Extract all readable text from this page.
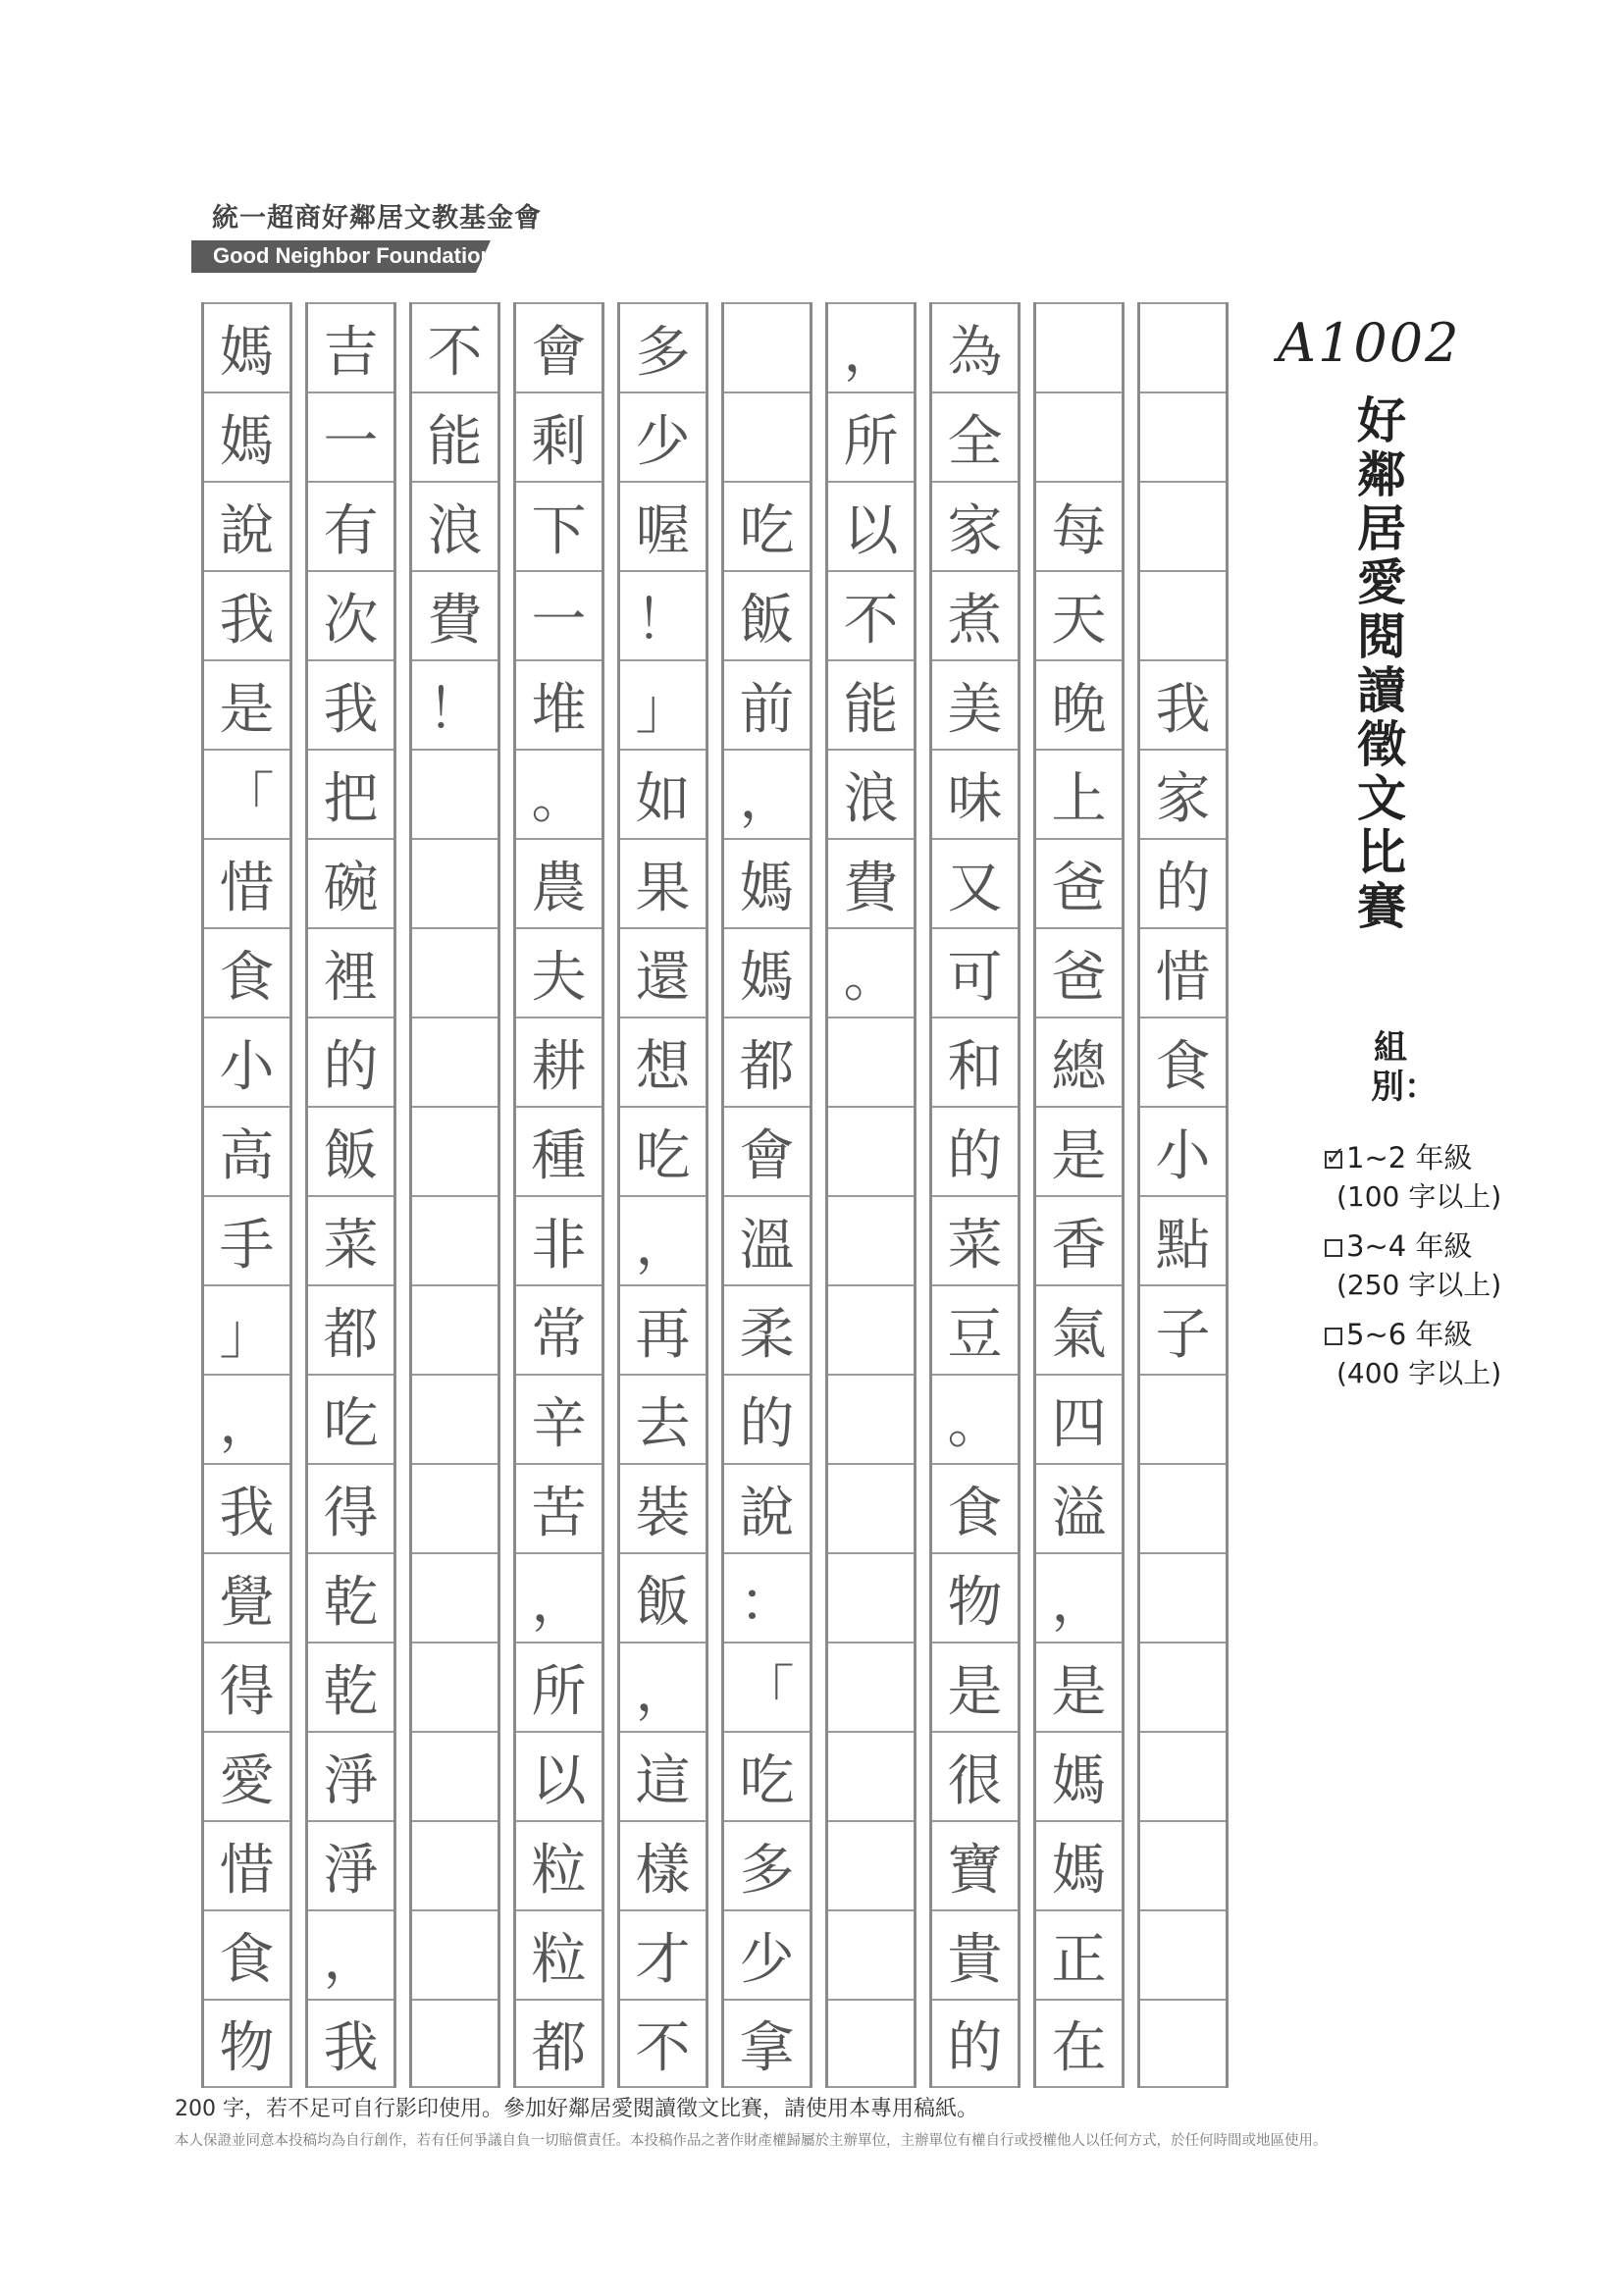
統一超商好鄰居文教基金會
Good Neighbor Foundation
媽
媽
說
我
是
「
惜
食
小
高
手
」
，
我
覺
得
愛
惜
食
物
吉
一
有
次
我
把
碗
裡
的
飯
菜
都
吃
得
乾
乾
淨
淨
，
我
不
能
浪
費
！
會
剩
下
一
堆
。
農
夫
耕
種
非
常
辛
苦
，
所
以
粒
粒
都
多
少
喔
！
」
如
果
還
想
吃
，
再
去
裝
飯
，
這
樣
才
不
吃
飯
前
，
媽
媽
都
會
溫
柔
的
說
：
「
吃
多
少
拿
，
所
以
不
能
浪
費
。
為
全
家
煮
美
味
又
可
和
的
菜
豆
。
食
物
是
很
寶
貴
的
每
天
晚
上
爸
爸
總
是
香
氣
四
溢
，
是
媽
媽
正
在
我
家
的
惜
食
小
點
子
A1002
好鄰居愛閱讀徵文比賽
組別：
✓1~2 年級
(100 字以上)
3~4 年級
(250 字以上)
5~6 年級
(400 字以上)
200 字，若不足可自行影印使用。參加好鄰居愛閱讀徵文比賽，請使用本專用稿紙。
本人保證並同意本投稿均為自行創作，若有任何爭議自負一切賠償責任。本投稿作品之著作財產權歸屬於主辦單位，主辦單位有權自行或授權他人以任何方式，於任何時間或地區使用。
